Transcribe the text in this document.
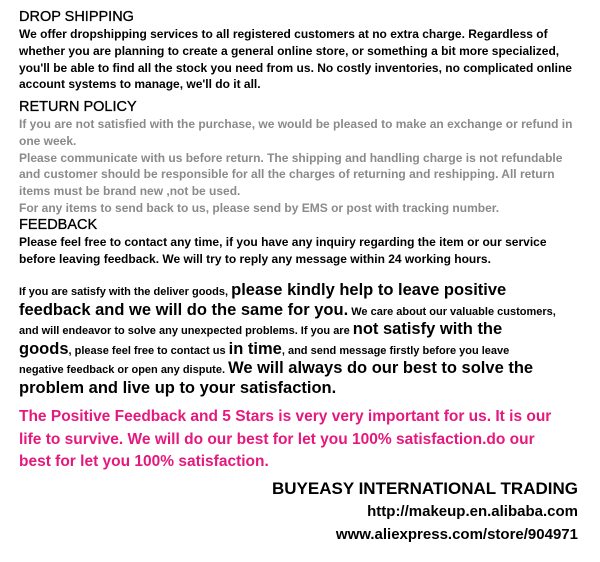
DROP SHIPPING
We offer dropshipping services to all registered customers at no extra charge. Regardless of
whether you are planning to create a general online store, or something a bit more specialized,
you'll be able to find all the stock you need from us. No costly inventories, no complicated online
account systems to manage, we'll do it all.
RETURN POLICY
If you are not satisfied with the purchase, we would be pleased to make an exchange or refund in
one week.
Please communicate with us before return. The shipping and handling charge is not refundable
and customer should be responsible for all the charges of returning and reshipping. All return
items must be brand new ,not be used.
For any items to send back to us, please send by EMS or post with tracking number.
FEEDBACK
Please feel free to contact any time, if you have any inquiry regarding the item or our service
before leaving feedback. We will try to reply any message within 24 working hours.
If you are satisfy with the deliver goods, please kindly help to leave positive
feedback and we will do the same for you. We care about our valuable customers,
and will endeavor to solve any unexpected problems. If you are not satisfy with the
goods, please feel free to contact us in time, and send message firstly before you leave
negative feedback or open any dispute. We will always do our best to solve the
problem and live up to your satisfaction.
The Positive Feedback and 5 Stars is very very important for us. It is our
life to survive. We will do our best for let you 100% satisfaction.do our
best for let you 100% satisfaction.
BUYEASY INTERNATIONAL TRADING
http://makeup.en.alibaba.com
www.aliexpress.com/store/904971
